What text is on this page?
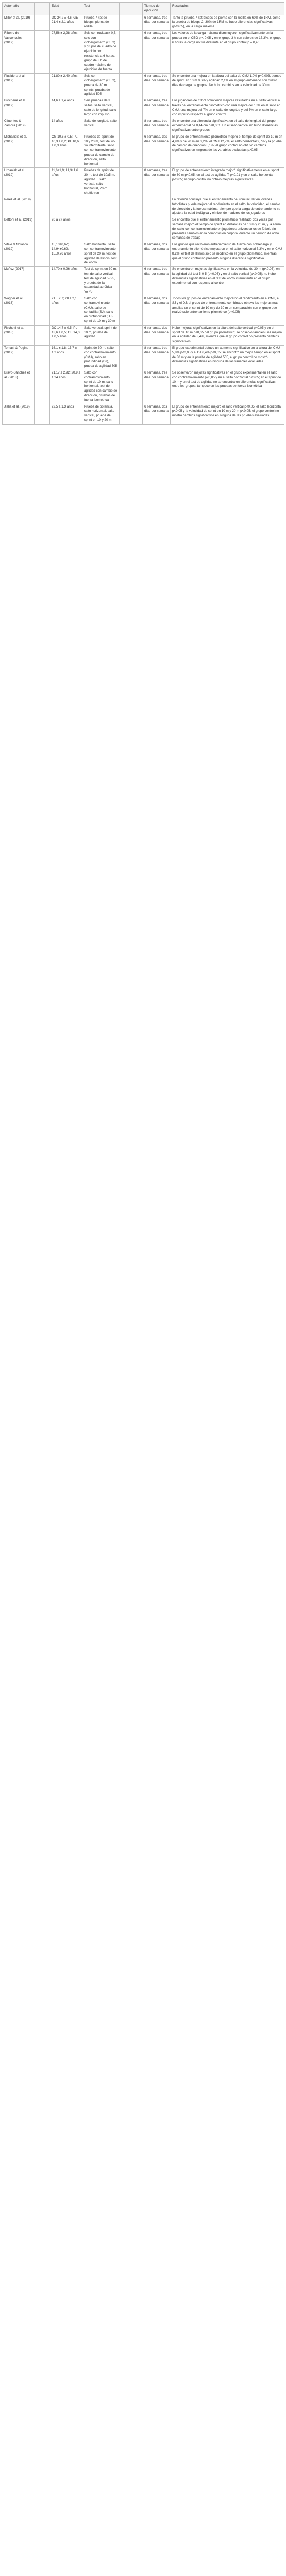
Autor, año		Edad	Test		Tiempo de ejecución	Resultados
Miller et al. (2019)		DC 24,2 ± 4,6; GE 21,4 ± 2,1 años	Prueba 7 kpt de bíceps, pierna de rodilla		6 semanas, tres días por semana	Tanto la prueba 7 kpt bíceps de pierna con la rodilla en 60% de 1RM, como la prueba de bíceps 2, 30% de 1RM no hubo diferencias significativas (p<0,05), en la carga máxima
Ribeiro de Vasconcelos (2019)		27,56 ± 2,98 años	Seis con rucksack 0,5, seis con cicloergómetro (CEG) y grupos de cuadro de ejercicio con resistencia a 6 horas, grupo de 3 h de cuadro máximo de ejercicios de fuerza		6 semanas, tres días por semana	Los valores de la carga máxima disminuyeron significativamente en la prueba en el CEG p < 0,05 y en el grupo 3 h con valores de 17,3%, el grupo 6 horas la carga no fue diferente en el grupo control p = 0,40
Plusiders et al. (2019)		21,80 ± 2,40 años	Seis con cicloergómetro (CEG), prueba de 30 m sprints, prueba de agilidad 505		6 semanas, tres días por semana	Se encontró una mejora en la altura del salto de CMJ 1,0% p=0,003, tiempo de sprint en 10 m 0,6% y agilidad 2,1% en el grupo entrenado con cuatro días de carga de grupos. No hubo cambios en la velocidad de 30 m
Brocherie et al. (2019)		14,6 ± 1,4 años	Seis pruebas de 3 saltos, salto vertical, salto de longitud, salto largo con impulso		6 semanas, tres días por semana	Los jugadores de fútbol obtuvieron mejores resultados en el salto vertical a través del entrenamiento pliométrico con una mejora del 13% en el salto en CMJ, una mejora del 7% en el salto de longitud y del 5% en el salto largo con impulso respecto al grupo control
Cifuentes & Zamora (2019)		14 años	Salto de longitud, salto vertical		8 semanas, tres días por semana	Se encontró una diferencia significativa en el salto de longitud del grupo experimental de 8,44 cm p<0,001. En el salto vertical no hubo diferencias significativas entre grupos
Michailidis et al. (2019)		CG 10,6 ± 0,5; PL 10,3 ± 0,2; PL 10,6 ± 0,3 años	Pruebas de sprint de 10 y 20 m, test de Yo-Yo intermitente, salto con contramovimiento, prueba de cambio de dirección, salto horizontal		6 semanas, dos días por semana	El grupo de entrenamiento pliométrico mejoró el tiempo de sprint de 10 m en 4,9% y de 20 m en 3,2%, el CMJ 12,7%, el salto horizontal 9,7% y la prueba de cambio de dirección 5,1%; el grupo control no obtuvo cambios significativos en ninguna de las variables evaluadas p>0,05
Urbaniak et al. (2019)		11,6±1,9; 11,3±1,6 años	Pruebas de sprint de 30 m, test de 10x5 m, agilidad T, salto vertical, salto horizontal, 20-m shuttle run		8 semanas, tres días por semana	El grupo de entrenamiento integrado mejoró significativamente en el sprint de 30 m p<0,05, en el test de agilidad T p<0,01 y en el salto horizontal p<0,05; el grupo control no obtuvo mejoras significativas
Pérez et al. (2019)						La revisión concluye que el entrenamiento neuromuscular en jóvenes futbolistas puede mejorar el rendimiento en el salto, la velocidad, el cambio de dirección y la fuerza máxima, siempre que la carga de entrenamiento se ajuste a la edad biológica y el nivel de madurez de los jugadores
Bettoni et al. (2019)		20 a 27 años				Se encontró que el entrenamiento pliométrico realizado dos veces por semana mejoró el tiempo de sprint en distancias de 10 m y 20 m, y la altura del salto con contramovimiento en jugadores universitarios de fútbol, sin presentar cambios en la composición corporal durante un periodo de ocho semanas de trabajo
Vitale & Nolasco (2019)		15,13±0,67; 14,94±0,69; 15±0,76 años	Salto horizontal, salto con contramovimiento, sprint de 20 m, test de agilidad de Illinois, test de Yo-Yo		8 semanas, dos días por semana	Los grupos que recibieron entrenamiento de fuerza con sobrecarga y entrenamiento pliométrico mejoraron en el salto horizontal 7,3% y en el CMJ 8,2%; el test de Illinois solo se modificó en el grupo pliométrico, mientras que el grupo control no presentó ninguna diferencia significativa
Muñoz (2017)		14,70 ± 0,96 años	Test de sprint en 30 m, test de salto vertical, test de agilidad 5-0-5, y prueba de la capacidad aeróbica Yo-Yo		6 semanas, tres días por semana	Se encontraron mejoras significativas en la velocidad de 30 m (p<0,05), en la agilidad del test 5-0-5 (p<0,05) y en el salto vertical (p<0,05); no hubo diferencias significativas en el test de Yo-Yo intermitente en el grupo experimental con respecto al control
Wagner et al. (2016)		21 ± 2,7; 20 ± 2,1 años	Salto con contramovimiento (CMJ), salto de sentadilla (SJ), salto en profundidad (DJ), sprint de 10 m y 30 m		8 semanas, dos días por semana	Todos los grupos de entrenamiento mejoraron el rendimiento en el CMJ, el SJ y el DJ; el grupo de entrenamiento combinado obtuvo las mejoras más amplias en el sprint de 10 m y de 30 m en comparación con el grupo que realizó solo entrenamiento pliométrico (p<0,05)
Fischetti et al. (2018)		DC 14,7 ± 0,5; PL 13,6 ± 0,5; GE 14,0 ± 0,5 años	Salto vertical, sprint de 10 m, prueba de agilidad		6 semanas, dos días por semana	Hubo mejoras significativas en la altura del salto vertical p<0,05 y en el sprint de 10 m p<0,05 del grupo pliométrico; se observó también una mejora en la agilidad de 3,4%, mientras que el grupo control no presentó cambios significativos
Tomasi & Pugine (2019)		16,1 ± 1,8; 15,7 ± 1,2 años	Sprint de 30 m, salto con contramovimiento (CMJ), salto en profundidad (DJ), prueba de agilidad 505		8 semanas, tres días por semana	El grupo experimental obtuvo un aumento significativo en la altura del CMJ 5,8% p<0,05 y el DJ 6,4% p<0,05; se encontró un mejor tiempo en el sprint de 30 m y en la prueba de agilidad 505, el grupo control no mostró diferencias significativas en ninguna de las variables evaluadas
Bravo-Sánchez et al. (2018)		21,17 ± 2,92; 20,9 ± 1,24 años	Salto con contramovimiento, sprint de 10 m, salto horizontal, test de agilidad con cambio de dirección, pruebas de fuerza isométrica		6 semanas, tres días por semana	Se observaron mejoras significativas en el grupo experimental en el salto con contramovimiento p<0,05 y en el salto horizontal p<0,05; en el sprint de 10 m y en el test de agilidad no se encontraron diferencias significativas entre los grupos; tampoco en las pruebas de fuerza isométrica
Jlalia et al. (2019)		22,5 ± 1,3 años	Prueba de potencia, salto horizontal, salto vertical, prueba de sprint en 10 y 20 m		6 semanas, dos días por semana	El grupo de entrenamiento mejoró el salto vertical p<0,05, el salto horizontal p<0,05 y la velocidad de sprint en 10 m y 20 m p<0,05; el grupo control no mostró cambios significativos en ninguna de las pruebas evaluadas
